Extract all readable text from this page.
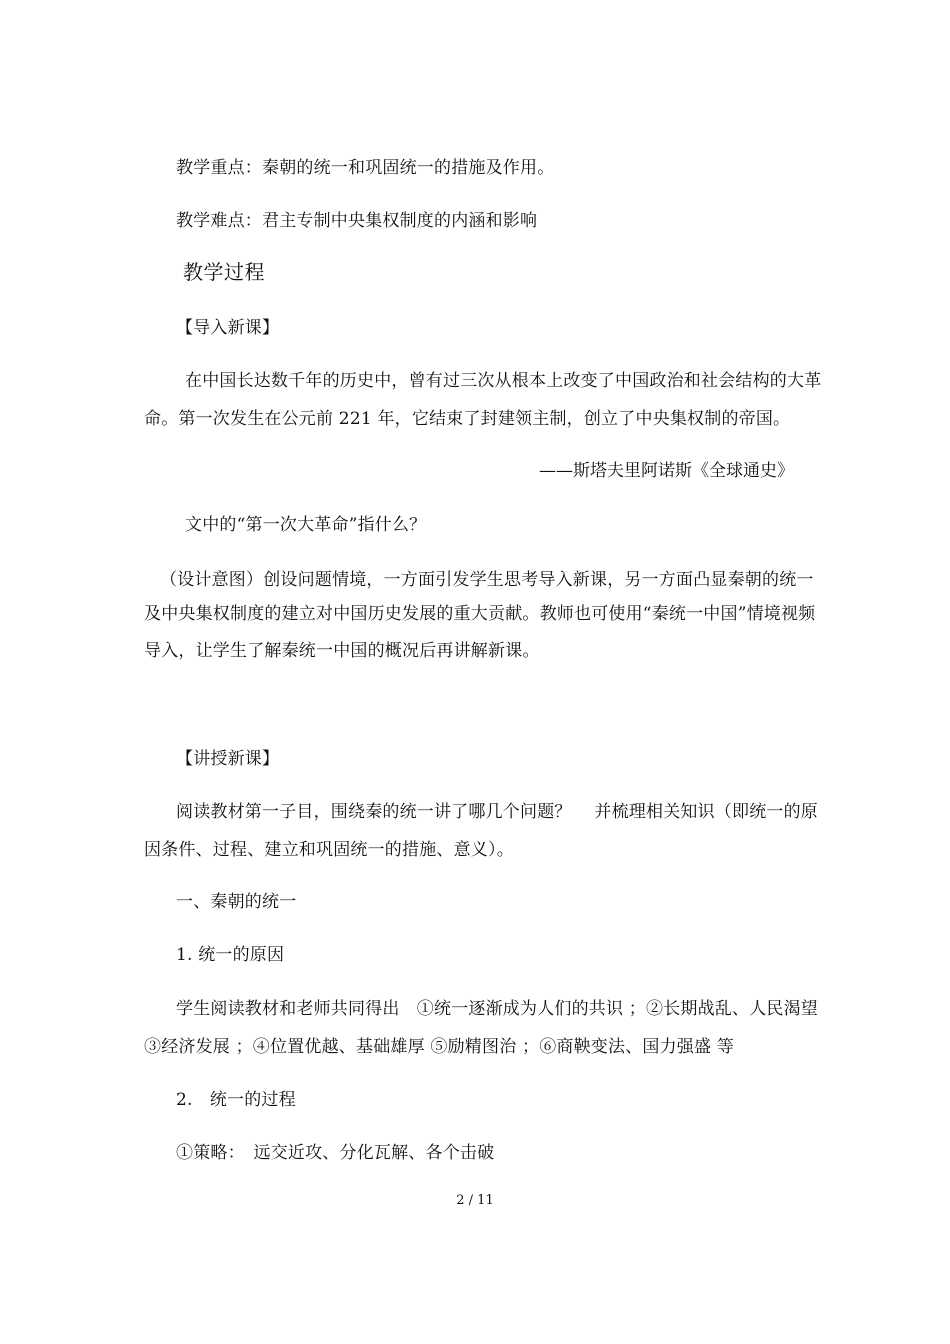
教学重点：秦朝的统一和巩固统一的措施及作用。
教学难点：君主专制中央集权制度的内涵和影响
教学过程
【导入新课】
在中国长达数千年的历史中，曾有过三次从根本上改变了中国政治和社会结构的大革
命。第一次发生在公元前 221 年，它结束了封建领主制，创立了中央集权制的帝国。
——斯塔夫里阿诺斯《全球通史》
文中的“第一次大革命”指什么？
（设计意图）创设问题情境，一方面引发学生思考导入新课，另一方面凸显秦朝的统一
及中央集权制度的建立对中国历史发展的重大贡献。教师也可使用“秦统一中国”情境视频
导入，让学生了解秦统一中国的概况后再讲解新课。
【讲授新课】
阅读教材第一子目，围绕秦的统一讲了哪几个问题？　 并梳理相关知识（即统一的原
因条件、过程、建立和巩固统一的措施、意义）。
一、秦朝的统一
1. 统一的原因
学生阅读教材和老师共同得出　①统一逐渐成为人们的共识 ；②长期战乱、人民渴望
③经济发展 ；④位置优越、基础雄厚 ⑤励精图治 ；⑥商鞅变法、国力强盛 等
2.　统一的过程
①策略：　远交近攻、分化瓦解、各个击破
2 / 11
